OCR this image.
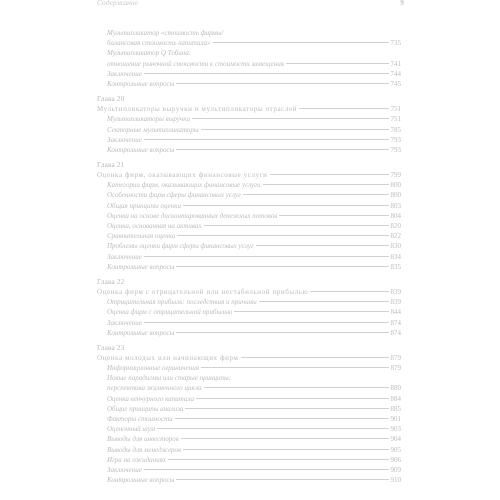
Содержание	9
Мультипликатор «стоимость фирмы/
балансовая стоимость капитала»	735
Мультипликатор Q Тобина:
отношение рыночной стоимости к стоимости замещения	741
Заключение	744
Контрольные вопросы	745
Глава 20
Мультипликаторы выручки и мультипликаторы отраслей	751
Мультипликаторы выручки	751
Секторные мультипликаторы	785
Заключение	793
Контрольные вопросы	793
Глава 21
Оценка фирм, оказывающих финансовые услуги	799
Категории фирм, оказывающих финансовые услуги	800
Особенности фирм сферы финансовых услуг	800
Общая принципы оценки	803
Оценка на основе дисконтированных денежных потоков	804
Оценка, основанная на активах	820
Сравнительная оценка	822
Проблемы оценки фирм сферы финансовых услуг	830
Заключение	834
Контрольные вопросы	835
Глава 22
Оценка фирм с отрицательной или нестабильной прибылью	839
Отрицательная прибыль: последствия и причины	839
Оценка фирм с отрицательной прибылью	844
Заключение	874
Контрольные вопросы	874
Глава 23
Оценка молодых или начинающих фирм	879
Информационные ограничения	879
Новые парадигмы или старые принципы:
перспектива жизненного цикла	880
Оценка венчурного капитала	884
Общие принципы анализа	885
Факторы стоимости	901
Оценочный шум	903
Выводы для инвесторов	904
Выводы для менеджеров	905
Игра на ожиданиях	906
Заключение	909
Контрольные вопросы	910
